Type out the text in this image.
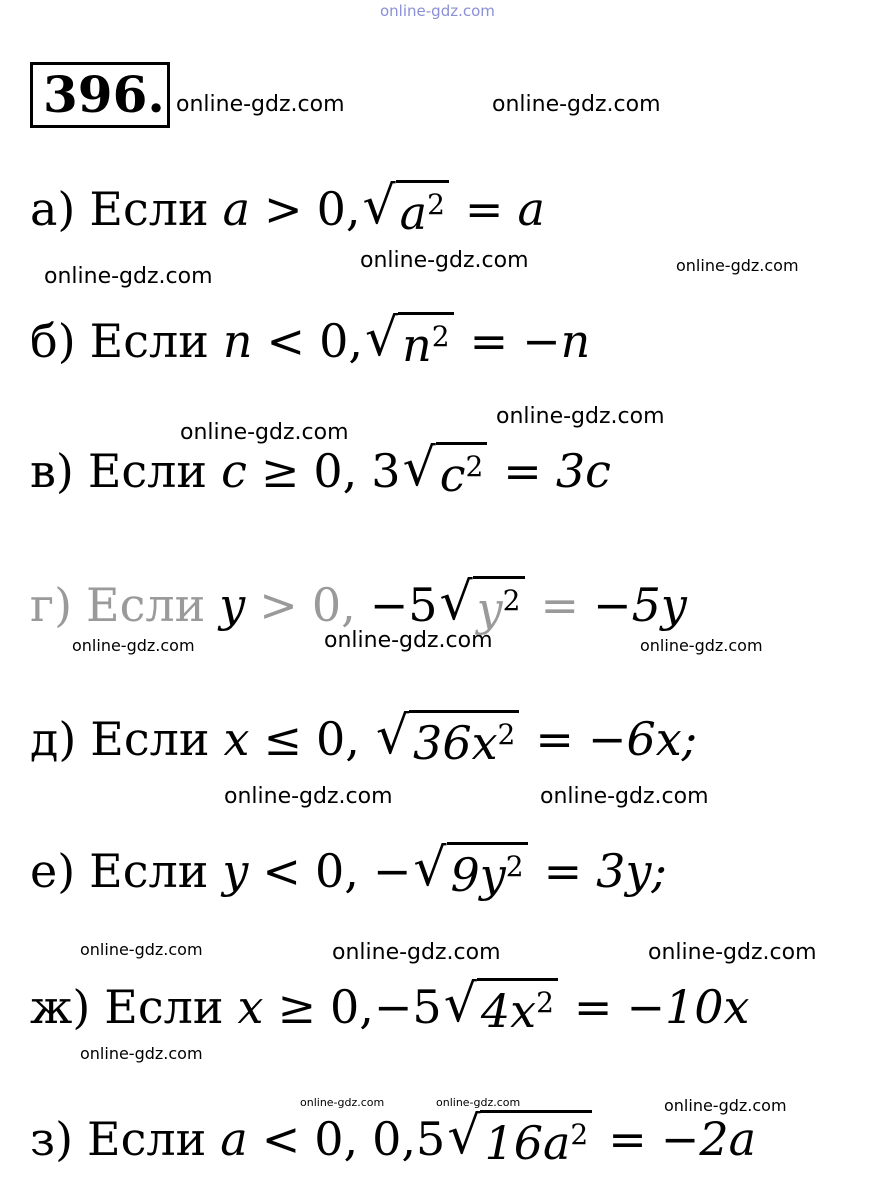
online-gdz.com
396. online-gdz.com	online-gdz.com
online-gdz.com
online-gdz.com	online-gdz.com
online-gdz.com
online-gdz.com
online-gdz.com	online-gdz.com	online-gdz.com
online-gdz.com	online-gdz.com
online-gdz.com	online-gdz.com	online-gdz.com
online-gdz.com
online-gdz.com	online-gdz.com	online-gdz.com
а) Если a > 0, √ $a^2 = a$
б) Если n < 0, √ $n^2 = -n$
в) Если c ≥ 0, 3 √ $c^2 = 3c$
г) Если y > 0, −5 √ $y^2 = -5y$
д) Если x ≤ 0, √ $36x^2 = -6x$;
е) Если y < 0, − √ $9y^2 = 3y$;
ж) Если x ≥ 0, −5 √ $4x^2 = -10x$
з) Если a < 0, 0,5 √ $16a^2 = -2a$
